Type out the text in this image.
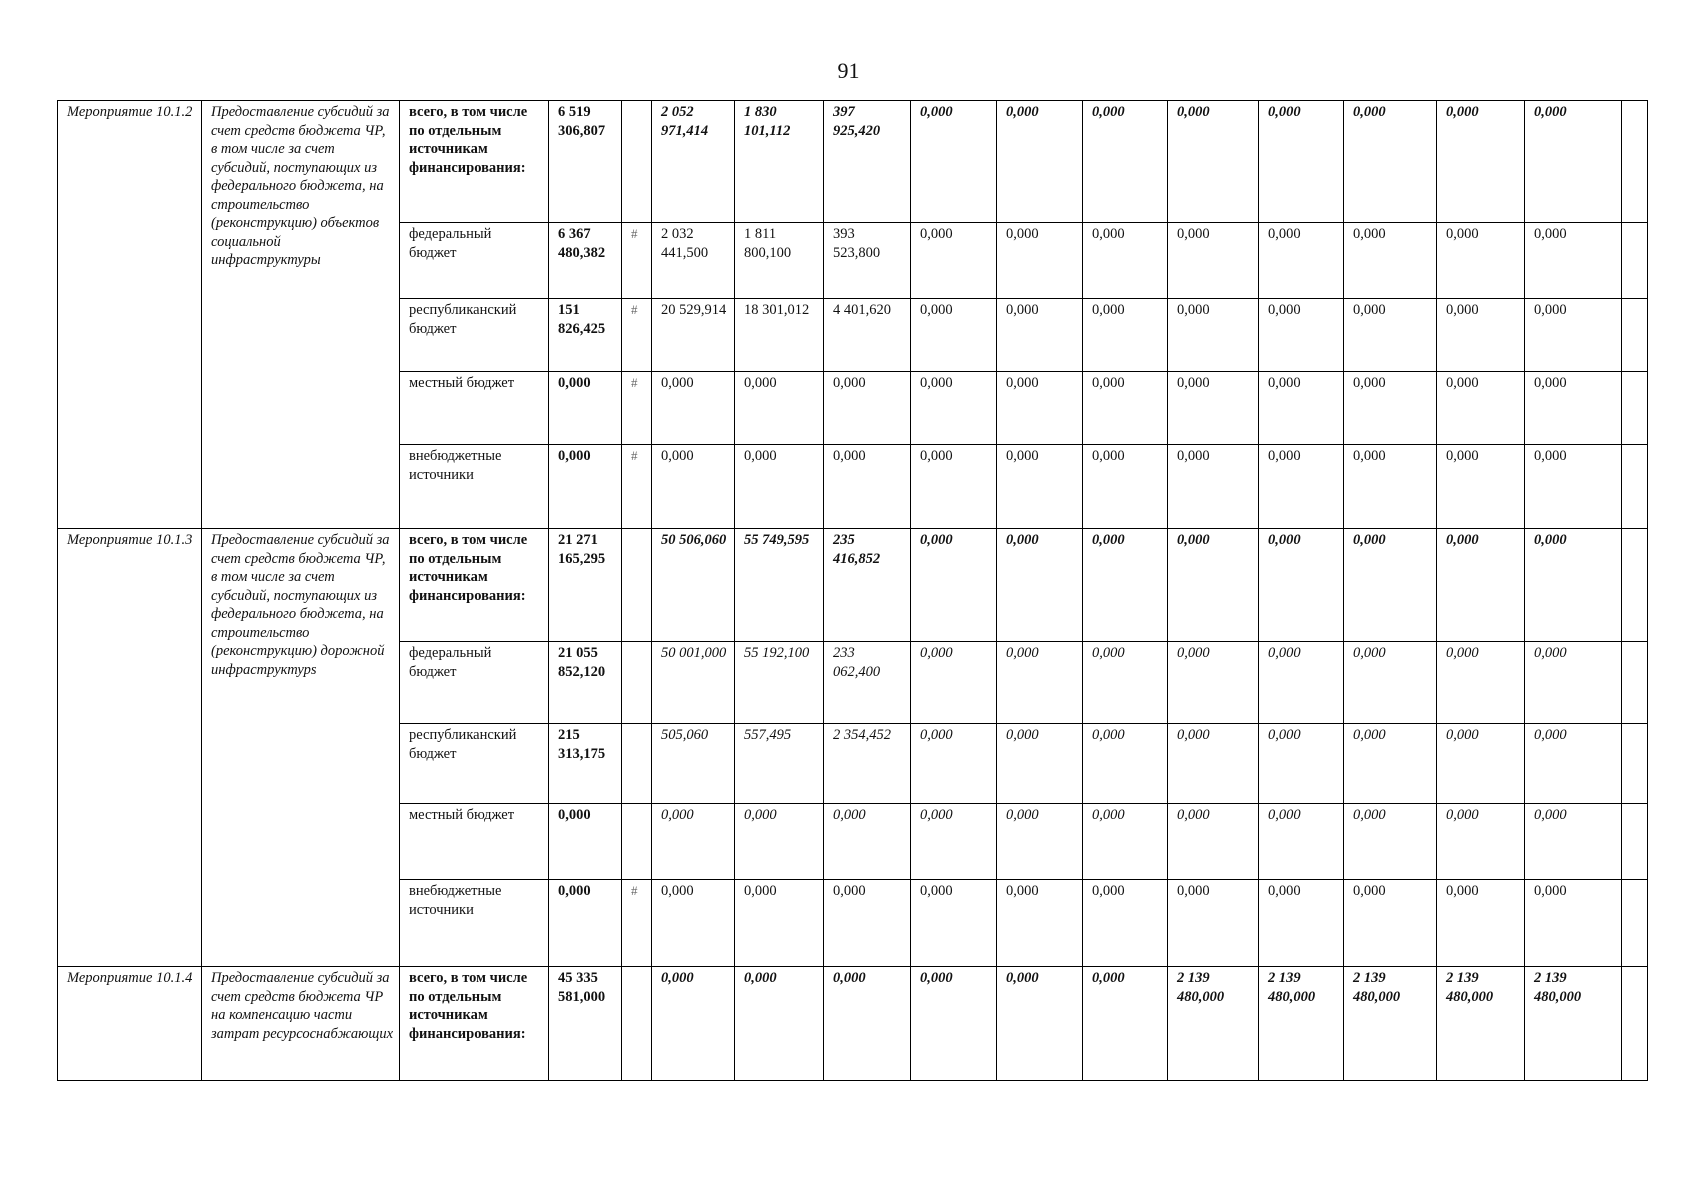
91
Мероприятие 10.1.2	Предоставление субсидий за счет средств бюджета ЧР, в том числе за счет субсидий, поступающих из федерального бюджета, на строительство (реконструкцию) объектов социальной инфраструктуры	всего, в том числе по отдельным источникам финансирования:	6 519 306,807		2 052 971,414	1 830 101,112	397 925,420	0,000	0,000	0,000	0,000	0,000	0,000	0,000	0,000	
		федеральный бюджет	6 367 480,382	#	2 032 441,500	1 811 800,100	393 523,800	0,000	0,000	0,000	0,000	0,000	0,000	0,000	0,000	
		республиканский бюджет	151 826,425	#	20 529,914	18 301,012	4 401,620	0,000	0,000	0,000	0,000	0,000	0,000	0,000	0,000	
		местный бюджет	0,000	#	0,000	0,000	0,000	0,000	0,000	0,000	0,000	0,000	0,000	0,000	0,000	
		внебюджетные источники	0,000	#	0,000	0,000	0,000	0,000	0,000	0,000	0,000	0,000	0,000	0,000	0,000	
Мероприятие 10.1.3	Предоставление субсидий за счет средств бюджета ЧР, в том числе за счет субсидий, поступающих из федерального бюджета, на строительство (реконструкцию) дорожной инфраструктурs	всего, в том числе по отдельным источникам финансирования:	21 271 165,295		50 506,060	55 749,595	235 416,852	0,000	0,000	0,000	0,000	0,000	0,000	0,000	0,000	
		федеральный бюджет	21 055 852,120		50 001,000	55 192,100	233 062,400	0,000	0,000	0,000	0,000	0,000	0,000	0,000	0,000	
		республиканский бюджет	215 313,175		505,060	557,495	2 354,452	0,000	0,000	0,000	0,000	0,000	0,000	0,000	0,000	
		местный бюджет	0,000		0,000	0,000	0,000	0,000	0,000	0,000	0,000	0,000	0,000	0,000	0,000	
		внебюджетные источники	0,000	#	0,000	0,000	0,000	0,000	0,000	0,000	0,000	0,000	0,000	0,000	0,000	
Мероприятие 10.1.4	Предоставление субсидий за счет средств бюджета ЧР на компенсацию части затрат ресурсоснабжающих	всего, в том числе по отдельным источникам финансирования:	45 335 581,000		0,000	0,000	0,000	0,000	0,000	0,000	2 139 480,000	2 139 480,000	2 139 480,000	2 139 480,000	2 139 480,000	
